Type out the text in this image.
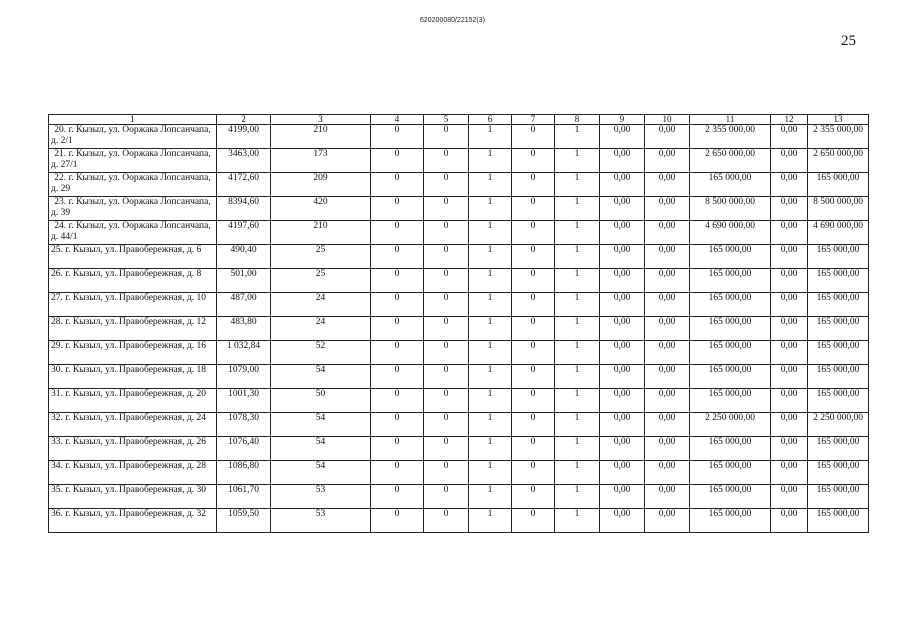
620200080/22152(3)
25
1	2	3	4	5	6	7	8	9	10	11	12	13
20. г. Кызыл, ул. Ооржака Лопсанчапа, д. 2/1	4199,00	210	0	0	1	0	1	0,00	0,00	2 355 000,00	0,00	2 355 000,00
21. г. Кызыл, ул. Ооржака Лопсанчапа, д. 27/1	3463,00	173	0	0	1	0	1	0,00	0,00	2 650 000,00	0,00	2 650 000,00
22. г. Кызыл, ул. Ооржака Лопсанчапа, д. 29	4172,60	209	0	0	1	0	1	0,00	0,00	165 000,00	0,00	165 000,00
23. г. Кызыл, ул. Ооржака Лопсанчапа, д. 39	8394,60	420	0	0	1	0	1	0,00	0,00	8 500 000,00	0,00	8 500 000,00
24. г. Кызыл, ул. Ооржака Лопсанчапа, д. 44/1	4197,60	210	0	0	1	0	1	0,00	0,00	4 690 000,00	0,00	4 690 000,00
25. г. Кызыл, ул. Правобережная, д. 6	490,40	25	0	0	1	0	1	0,00	0,00	165 000,00	0,00	165 000,00
26. г. Кызыл, ул. Правобережная, д. 8	501,00	25	0	0	1	0	1	0,00	0,00	165 000,00	0,00	165 000,00
27. г. Кызыл, ул. Правобережная, д. 10	487,00	24	0	0	1	0	1	0,00	0,00	165 000,00	0,00	165 000,00
28. г. Кызыл, ул. Правобережная, д. 12	483,80	24	0	0	1	0	1	0,00	0,00	165 000,00	0,00	165 000,00
29. г. Кызыл, ул. Правобережная, д. 16	1 032,84	52	0	0	1	0	1	0,00	0,00	165 000,00	0,00	165 000,00
30. г. Кызыл, ул. Правобережная, д. 18	1079,00	54	0	0	1	0	1	0,00	0,00	165 000,00	0,00	165 000,00
31. г. Кызыл, ул. Правобережная, д. 20	1001,30	50	0	0	1	0	1	0,00	0,00	165 000,00	0,00	165 000,00
32. г. Кызыл, ул. Правобережная, д. 24	1078,30	54	0	0	1	0	1	0,00	0,00	2 250 000,00	0,00	2 250 000,00
33. г. Кызыл, ул. Правобережная, д. 26	1076,40	54	0	0	1	0	1	0,00	0,00	165 000,00	0,00	165 000,00
34. г. Кызыл, ул. Правобережная, д. 28	1086,80	54	0	0	1	0	1	0,00	0,00	165 000,00	0,00	165 000,00
35. г. Кызыл, ул. Правобережная, д. 30	1061,70	53	0	0	1	0	1	0,00	0,00	165 000,00	0,00	165 000,00
36. г. Кызыл, ул. Правобережная, д. 32	1059,50	53	0	0	1	0	1	0,00	0,00	165 000,00	0,00	165 000,00
